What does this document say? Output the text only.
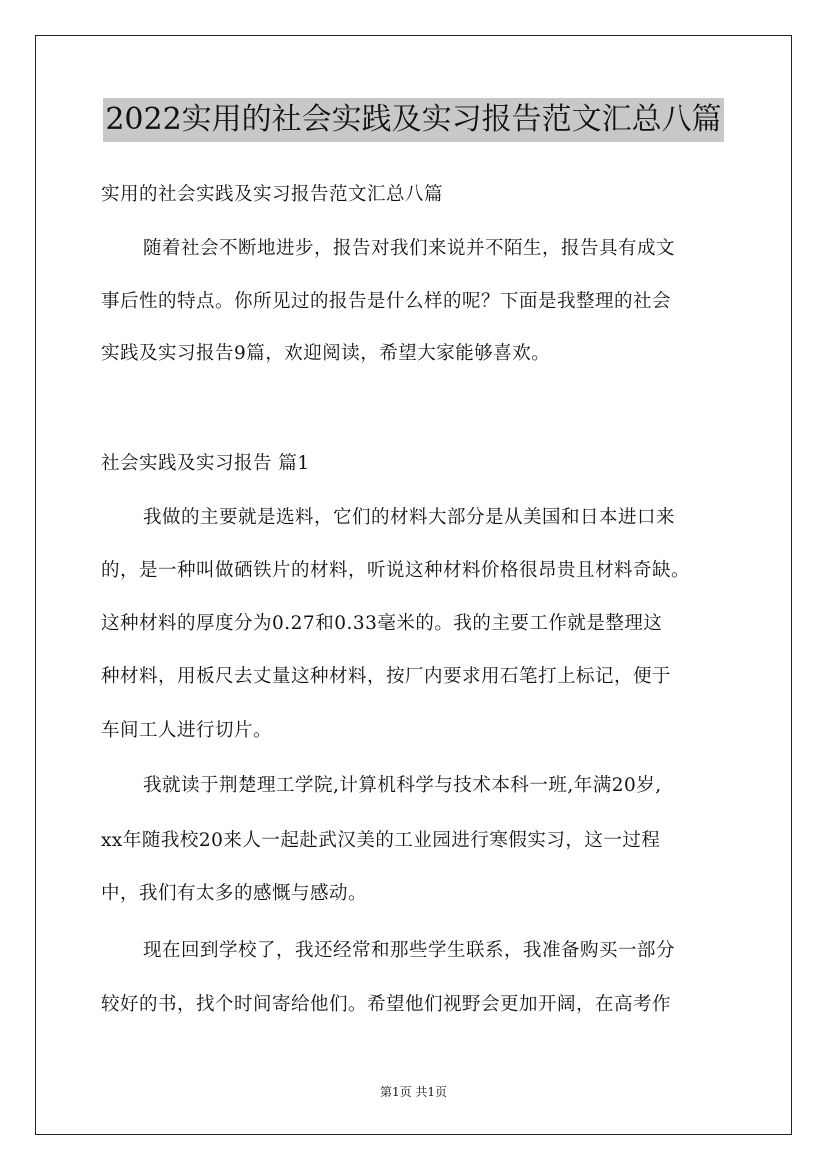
2022实用的社会实践及实习报告范文汇总八篇
实用的社会实践及实习报告范文汇总八篇
随着社会不断地进步，报告对我们来说并不陌生，报告具有成文
事后性的特点。你所见过的报告是什么样的呢？下面是我整理的社会
实践及实习报告9篇，欢迎阅读，希望大家能够喜欢。
社会实践及实习报告 篇1
我做的主要就是选料，它们的材料大部分是从美国和日本进口来
的，是一种叫做硒铁片的材料，听说这种材料价格很昂贵且材料奇缺。
这种材料的厚度分为0.27和0.33毫米的。我的主要工作就是整理这
种材料，用板尺去丈量这种材料，按厂内要求用石笔打上标记，便于
车间工人进行切片。
我就读于荆楚理工学院,计算机科学与技术本科一班,年满20岁,
xx年随我校20来人一起赴武汉美的工业园进行寒假实习，这一过程
中，我们有太多的感慨与感动。
现在回到学校了，我还经常和那些学生联系，我准备购买一部分
较好的书，找个时间寄给他们。希望他们视野会更加开阔，在高考作
第1页 共1页
